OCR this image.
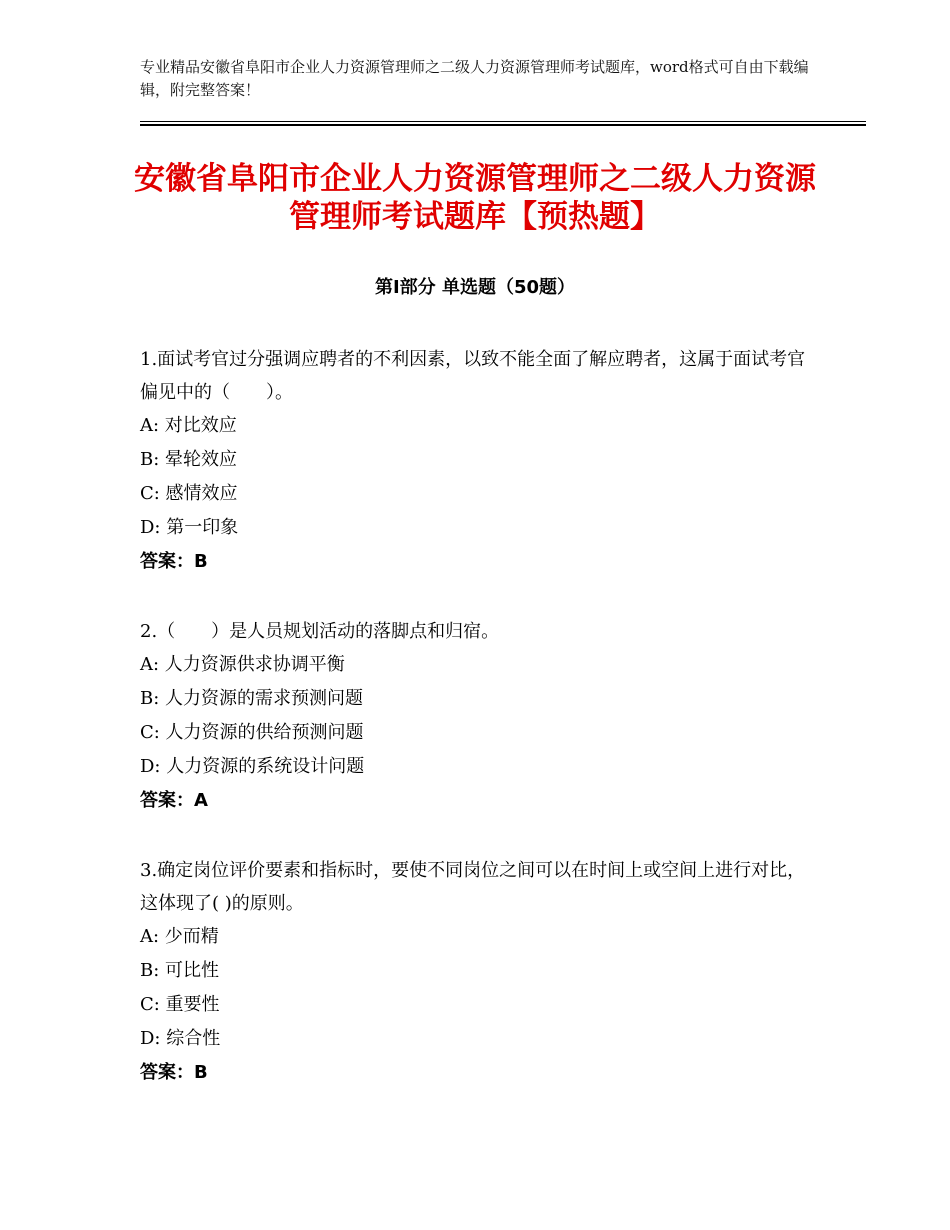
专业精品安徽省阜阳市企业人力资源管理师之二级人力资源管理师考试题库，word格式可自由下载编辑，附完整答案！
安徽省阜阳市企业人力资源管理师之二级人力资源管理师考试题库【预热题】
第Ⅰ部分 单选题（50题）
1.面试考官过分强调应聘者的不利因素，以致不能全面了解应聘者，这属于面试考官偏见中的（　　）。
A: 对比效应
B: 晕轮效应
C: 感情效应
D: 第一印象
答案：B
2.（　　）是人员规划活动的落脚点和归宿。
A: 人力资源供求协调平衡
B: 人力资源的需求预测问题
C: 人力资源的供给预测问题
D: 人力资源的系统设计问题
答案：A
3.确定岗位评价要素和指标时，要使不同岗位之间可以在时间上或空间上进行对比，这体现了( )的原则。
A: 少而精
B: 可比性
C: 重要性
D: 综合性
答案：B
